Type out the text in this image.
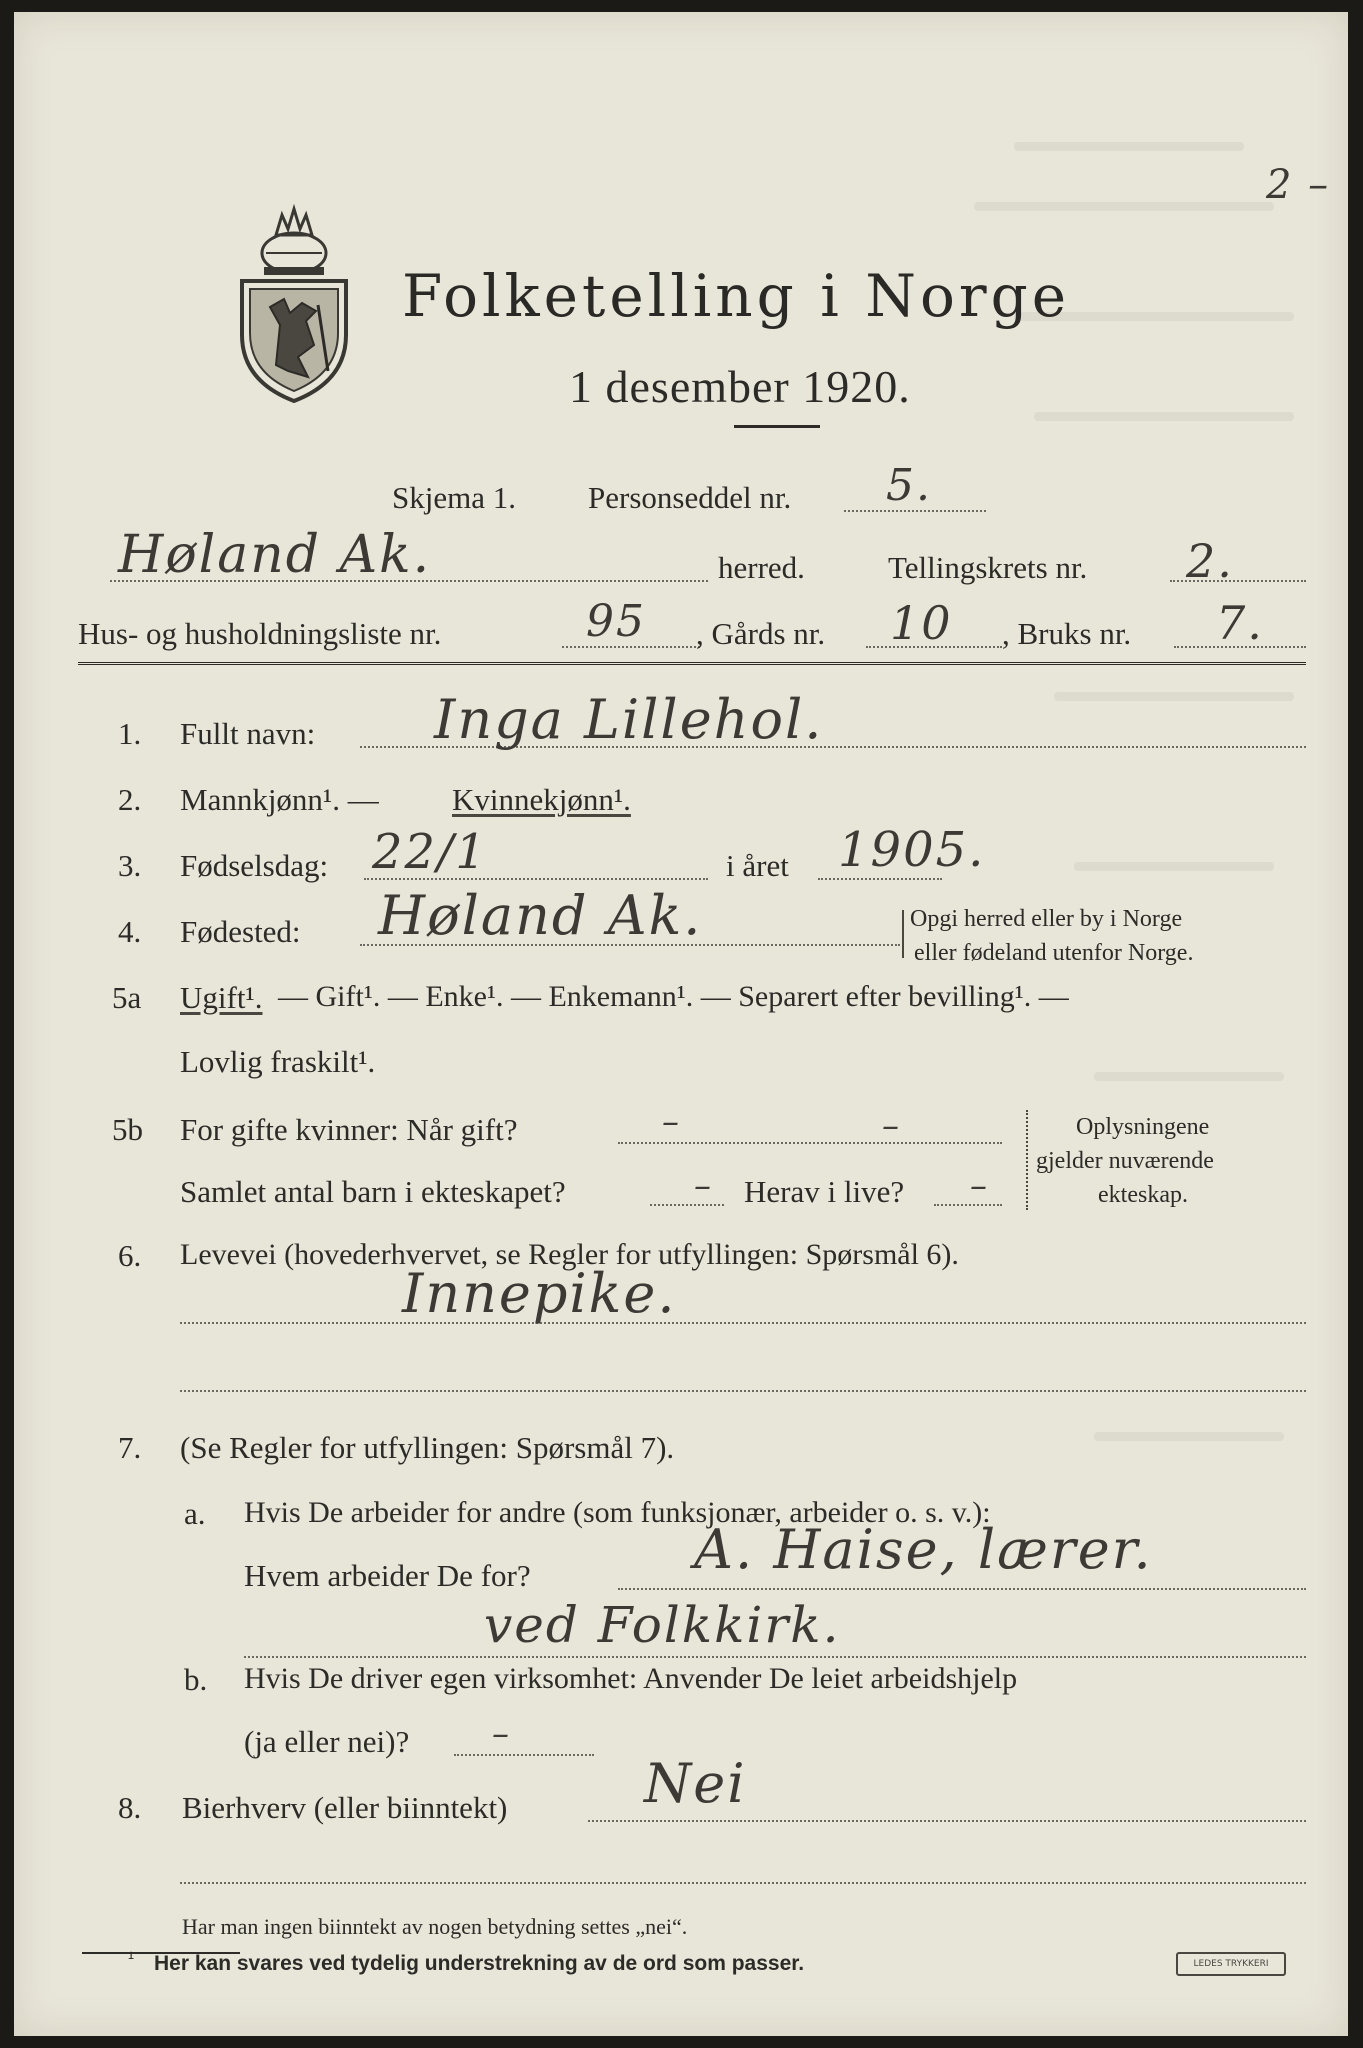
2 –
Folketelling i Norge
1 desember 1920.
Skjema 1. Personseddel nr. 5.
Høland Ak.	herred.	Tellingskrets nr. 2.
Hus- og husholdningsliste nr.	95 , Gårds nr. 10 , Bruks nr. 7.
1. Fullt navn: Inga Lillehol.
2. Mannkjønn¹. — Kvinnekjønn¹.
3. Fødselsdag: 22/1	i året 1905.
4. Fødested: Høland Ak.	Opgi herred eller by i Norge
eller fødeland utenfor Norge.
5a Ugift¹. — Gift¹. — Enke¹. — Enkemann¹. — Separert efter bevilling¹. —
Lovlig fraskilt¹.
5b For gifte kvinner: Når gift?	–	–
Samlet antal barn i ekteskapet?	– Herav i live? –
Oplysningene
gjelder nuværende
ekteskap.
6. Levevei (hovederhvervet, se Regler for utfyllingen: Spørsmål 6).
Innepike.
7. (Se Regler for utfyllingen: Spørsmål 7).
a. Hvis De arbeider for andre (som funksjonær, arbeider o. s. v.):
Hvem arbeider De for?	A. Haise, lærer.
ved Folkkirk.
b. Hvis De driver egen virksomhet: Anvender De leiet arbeidshjelp
(ja eller nei)? –
8. Bierhverv (eller biinntekt)	Nei
Har man ingen biinntekt av nogen betydning settes „nei“.
¹ Her kan svares ved tydelig understrekning av de ord som passer.	LEDES TRYKKERI
